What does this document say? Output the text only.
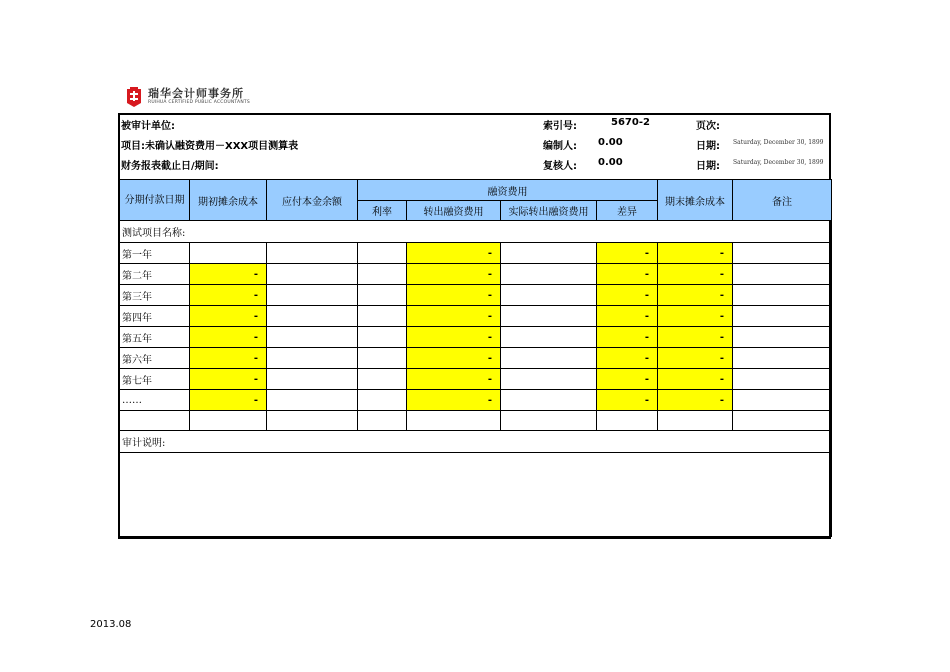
瑞华会计师事务所
RUIHUA CERTIFIED PUBLIC ACCOUNTANTS
被审计单位:
项目:未确认融资费用－XXX项目测算表
财务报表截止日/期间:
索引号:	5670-2
编制人: 0.00
复核人: 0.00
页次:
日期: Saturday, December 30, 1899
日期: Saturday, December 30, 1899
分期付款日期	期初摊余成本	应付本金余额	融资费用				期末摊余成本	备注
			利率	转出融资费用	实际转出融资费用	差异		
测试项目名称:								
第一年				-		-	-	
第二年	-			-		-	-	
第三年	-			-		-	-	
第四年	-			-		-	-	
第五年	-			-		-	-	
第六年	-			-		-	-	
第七年	-			-		-	-	
……	-			-		-	-	

审计说明:								

2013.08
